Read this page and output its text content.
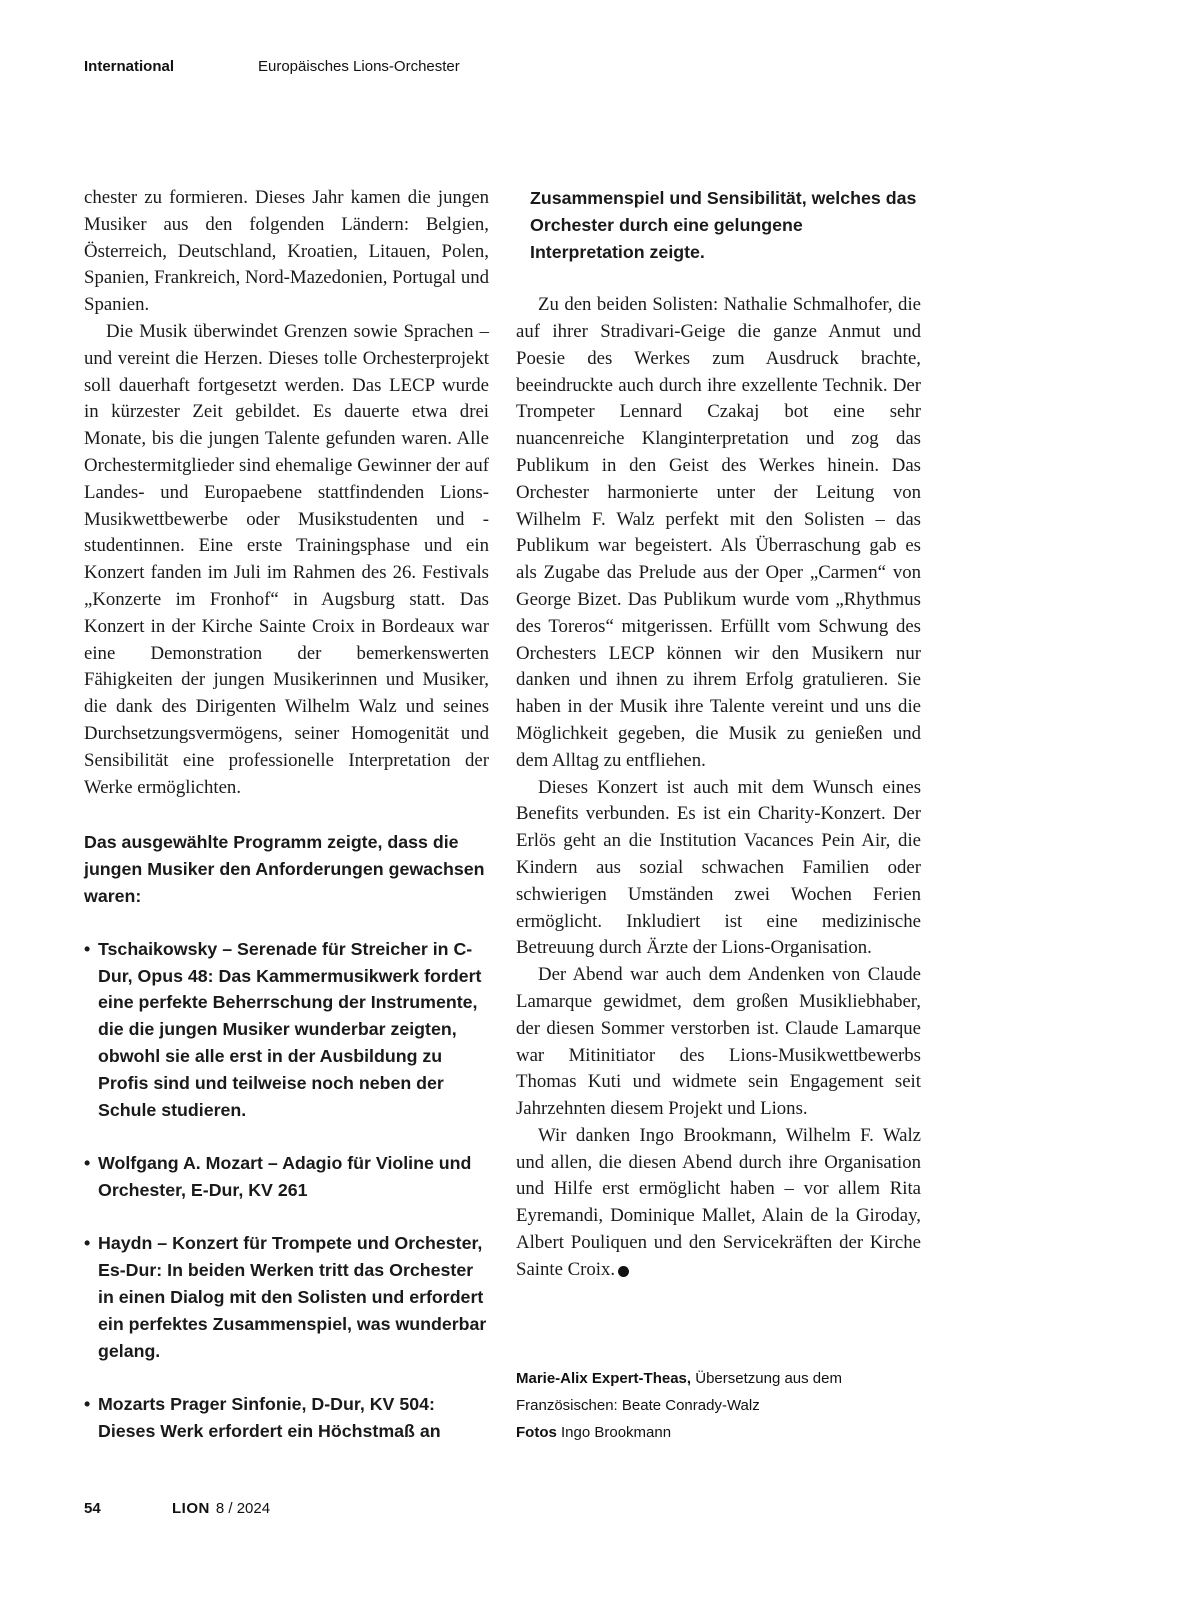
International	Europäisches Lions-Orchester

chester zu formieren. Dieses Jahr kamen die jungen Musiker aus den folgenden Ländern: Belgien, Österreich, Deutschland, Kroatien, Litauen, Polen, Spanien, Frankreich, Nord-Mazedonien, Portugal und Spanien.

Die Musik überwindet Grenzen sowie Sprachen – und vereint die Herzen. Dieses tolle Orchesterprojekt soll dauerhaft fortgesetzt werden. Das LECP wurde in kürzester Zeit gebildet. Es dauerte etwa drei Monate, bis die jungen Talente gefunden waren. Alle Orchestermitglieder sind ehemalige Gewinner der auf Landes- und Europaebene stattfindenden Lions-Musikwettbewerbe oder Musikstudenten und -studentinnen. Eine erste Trainingsphase und ein Konzert fanden im Juli im Rahmen des 26. Festivals „Konzerte im Fronhof“ in Augsburg statt. Das Konzert in der Kirche Sainte Croix in Bordeaux war eine Demonstration der bemerkenswerten Fähigkeiten der jungen Musikerinnen und Musiker, die dank des Dirigenten Wilhelm Walz und seines Durchsetzungsvermögens, seiner Homogenität und Sensibilität eine professionelle Interpretation der Werke ermöglichten.

Das ausgewählte Programm zeigte, dass die jungen Musiker den Anforderungen gewachsen waren:

• Tschaikowsky – Serenade für Streicher in C-Dur, Opus 48: Das Kammermusikwerk fordert eine perfekte Beherrschung der Instrumente, die die jungen Musiker wunderbar zeigten, obwohl sie alle erst in der Ausbildung zu Profis sind und teilweise noch neben der Schule studieren.
• Wolfgang A. Mozart – Adagio für Violine und Orchester, E-Dur, KV 261
• Haydn – Konzert für Trompete und Orchester, Es-Dur: In beiden Werken tritt das Orchester in einen Dialog mit den Solisten und erfordert ein perfektes Zusammenspiel, was wunderbar gelang.
• Mozarts Prager Sinfonie, D-Dur, KV 504: Dieses Werk erfordert ein Höchstmaß an

Zusammenspiel und Sensibilität, welches das Orchester durch eine gelungene Interpretation zeigte.

Zu den beiden Solisten: Nathalie Schmalhofer, die auf ihrer Stradivari-Geige die ganze Anmut und Poesie des Werkes zum Ausdruck brachte, beeindruckte auch durch ihre exzellente Technik. Der Trompeter Lennard Czakaj bot eine sehr nuancenreiche Klanginterpretation und zog das Publikum in den Geist des Werkes hinein. Das Orchester harmonierte unter der Leitung von Wilhelm F. Walz perfekt mit den Solisten – das Publikum war begeistert. Als Überraschung gab es als Zugabe das Prelude aus der Oper „Carmen“ von George Bizet. Das Publikum wurde vom „Rhythmus des Toreros“ mitgerissen. Erfüllt vom Schwung des Orchesters LECP können wir den Musikern nur danken und ihnen zu ihrem Erfolg gratulieren. Sie haben in der Musik ihre Talente vereint und uns die Möglichkeit gegeben, die Musik zu genießen und dem Alltag zu entfliehen.

Dieses Konzert ist auch mit dem Wunsch eines Benefits verbunden. Es ist ein Charity-Konzert. Der Erlös geht an die Institution Vacances Pein Air, die Kindern aus sozial schwachen Familien oder schwierigen Umständen zwei Wochen Ferien ermöglicht. Inkludiert ist eine medizinische Betreuung durch Ärzte der Lions-Organisation.

Der Abend war auch dem Andenken von Claude Lamarque gewidmet, dem großen Musikliebhaber, der diesen Sommer verstorben ist. Claude Lamarque war Mitinitiator des Lions-Musikwettbewerbs Thomas Kuti und widmete sein Engagement seit Jahrzehnten diesem Projekt und Lions.

Wir danken Ingo Brookmann, Wilhelm F. Walz und allen, die diesen Abend durch ihre Organisation und Hilfe erst ermöglicht haben – vor allem Rita Eyremandi, Dominique Mallet, Alain de la Giroday, Albert Pouliquen und den Servicekräften der Kirche Sainte Croix.	L

Marie-Alix Expert-Theas, Übersetzung aus dem Französischen: Beate Conrady-Walz
Fotos Ingo Brookmann
54	LION 8 / 2024
